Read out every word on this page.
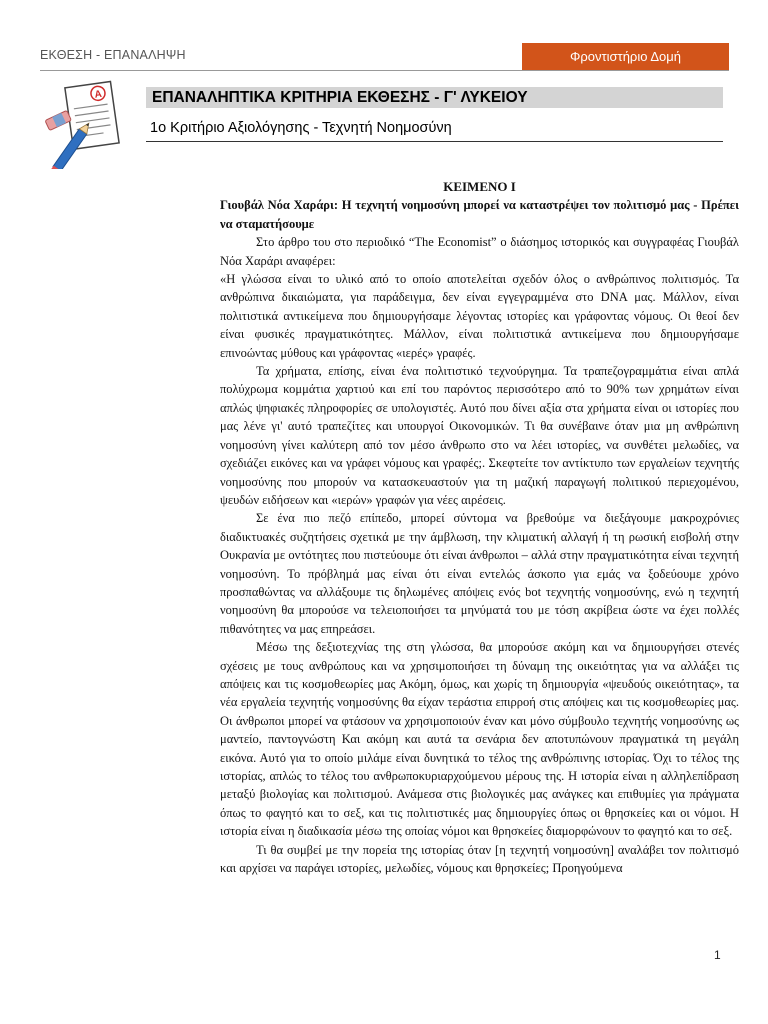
ΕΚΘΕΣΗ - ΕΠΑΝΑΛΗΨΗ	Φροντιστήριο Δομή
A	ΕΠΑΝΑΛΗΠΤΙΚΑ ΚΡΙΤΗΡΙΑ ΕΚΘΕΣΗΣ - Γ' ΛΥΚΕΙΟΥ
1ο Κριτήριο Αξιολόγησης - Τεχνητή Νοημοσύνη

ΚΕΙΜΕΝΟ Ι

Γιουβάλ Νόα Χαράρι: Η τεχνητή νοημοσύνη μπορεί να καταστρέψει τον πολιτισμό μας - Πρέπει να σταματήσουμε

Στο άρθρο του στο περιοδικό “The Economist” ο διάσημος ιστορικός και συγγραφέας Γιουβάλ Νόα Χαράρι αναφέρει:

«Η γλώσσα είναι το υλικό από το οποίο αποτελείται σχεδόν όλος ο ανθρώπινος πολιτισμός. Τα ανθρώπινα δικαιώματα, για παράδειγμα, δεν είναι εγγεγραμμένα στο DNA μας. Μάλλον, είναι πολιτιστικά αντικείμενα που δημιουργήσαμε λέγοντας ιστορίες και γράφοντας νόμους. Οι θεοί δεν είναι φυσικές πραγματικότητες. Μάλλον, είναι πολιτιστικά αντικείμενα που δημιουργήσαμε επινοώντας μύθους και γράφοντας «ιερές» γραφές.

Τα χρήματα, επίσης, είναι ένα πολιτιστικό τεχνούργημα. Τα τραπεζογραμμάτια είναι απλά πολύχρωμα κομμάτια χαρτιού και επί του παρόντος περισσότερο από το 90% των χρημάτων είναι απλώς ψηφιακές πληροφορίες σε υπολογιστές. Αυτό που δίνει αξία στα χρήματα είναι οι ιστορίες που μας λένε γι' αυτό τραπεζίτες και υπουργοί Οικονομικών. Τι θα συνέβαινε όταν μια μη ανθρώπινη νοημοσύνη γίνει καλύτερη από τον μέσο άνθρωπο στο να λέει ιστορίες, να συνθέτει μελωδίες, να σχεδιάζει εικόνες και να γράφει νόμους και γραφές;. Σκεφτείτε τον αντίκτυπο των εργαλείων τεχνητής νοημοσύνης που μπορούν να κατασκευαστούν για τη μαζική παραγωγή πολιτικού περιεχομένου, ψευδών ειδήσεων και «ιερών» γραφών για νέες αιρέσεις.

Σε ένα πιο πεζό επίπεδο, μπορεί σύντομα να βρεθούμε να διεξάγουμε μακροχρόνιες διαδικτυακές συζητήσεις σχετικά με την άμβλωση, την κλιματική αλλαγή ή τη ρωσική εισβολή στην Ουκρανία με οντότητες που πιστεύουμε ότι είναι άνθρωποι – αλλά στην πραγματικότητα είναι τεχνητή νοημοσύνη. Το πρόβλημά μας είναι ότι είναι εντελώς άσκοπο για εμάς να ξοδεύουμε χρόνο προσπαθώντας να αλλάξουμε τις δηλωμένες απόψεις ενός bot τεχνητής νοημοσύνης, ενώ η τεχνητή νοημοσύνη θα μπορούσε να τελειοποιήσει τα μηνύματά του με τόση ακρίβεια ώστε να έχει πολλές πιθανότητες να μας επηρεάσει.

Μέσω της δεξιοτεχνίας της στη γλώσσα, θα μπορούσε ακόμη και να δημιουργήσει στενές σχέσεις με τους ανθρώπους και να χρησιμοποιήσει τη δύναμη της οικειότητας για να αλλάξει τις απόψεις και τις κοσμοθεωρίες μας Ακόμη, όμως, και χωρίς τη δημιουργία «ψευδούς οικειότητας», τα νέα εργαλεία τεχνητής νοημοσύνης θα είχαν τεράστια επιρροή στις απόψεις και τις κοσμοθεωρίες μας. Οι άνθρωποι μπορεί να φτάσουν να χρησιμοποιούν έναν και μόνο σύμβουλο τεχνητής νοημοσύνης ως μαντείο, παντογνώστη Και ακόμη και αυτά τα σενάρια δεν αποτυπώνουν πραγματικά τη μεγάλη εικόνα. Αυτό για το οποίο μιλάμε είναι δυνητικά το τέλος της ανθρώπινης ιστορίας. Όχι το τέλος της ιστορίας, απλώς το τέλος του ανθρωποκυριαρχούμενου μέρους της. Η ιστορία είναι η αλληλεπίδραση μεταξύ βιολογίας και πολιτισμού. Ανάμεσα στις βιολογικές μας ανάγκες και επιθυμίες για πράγματα όπως το φαγητό και το σεξ, και τις πολιτιστικές μας δημιουργίες όπως οι θρησκείες και οι νόμοι. Η ιστορία είναι η διαδικασία μέσω της οποίας νόμοι και θρησκείες διαμορφώνουν το φαγητό και το σεξ.

Τι θα συμβεί με την πορεία της ιστορίας όταν [η τεχνητή νοημοσύνη] αναλάβει τον πολιτισμό και αρχίσει να παράγει ιστορίες, μελωδίες, νόμους και θρησκείες; Προηγούμενα

1
